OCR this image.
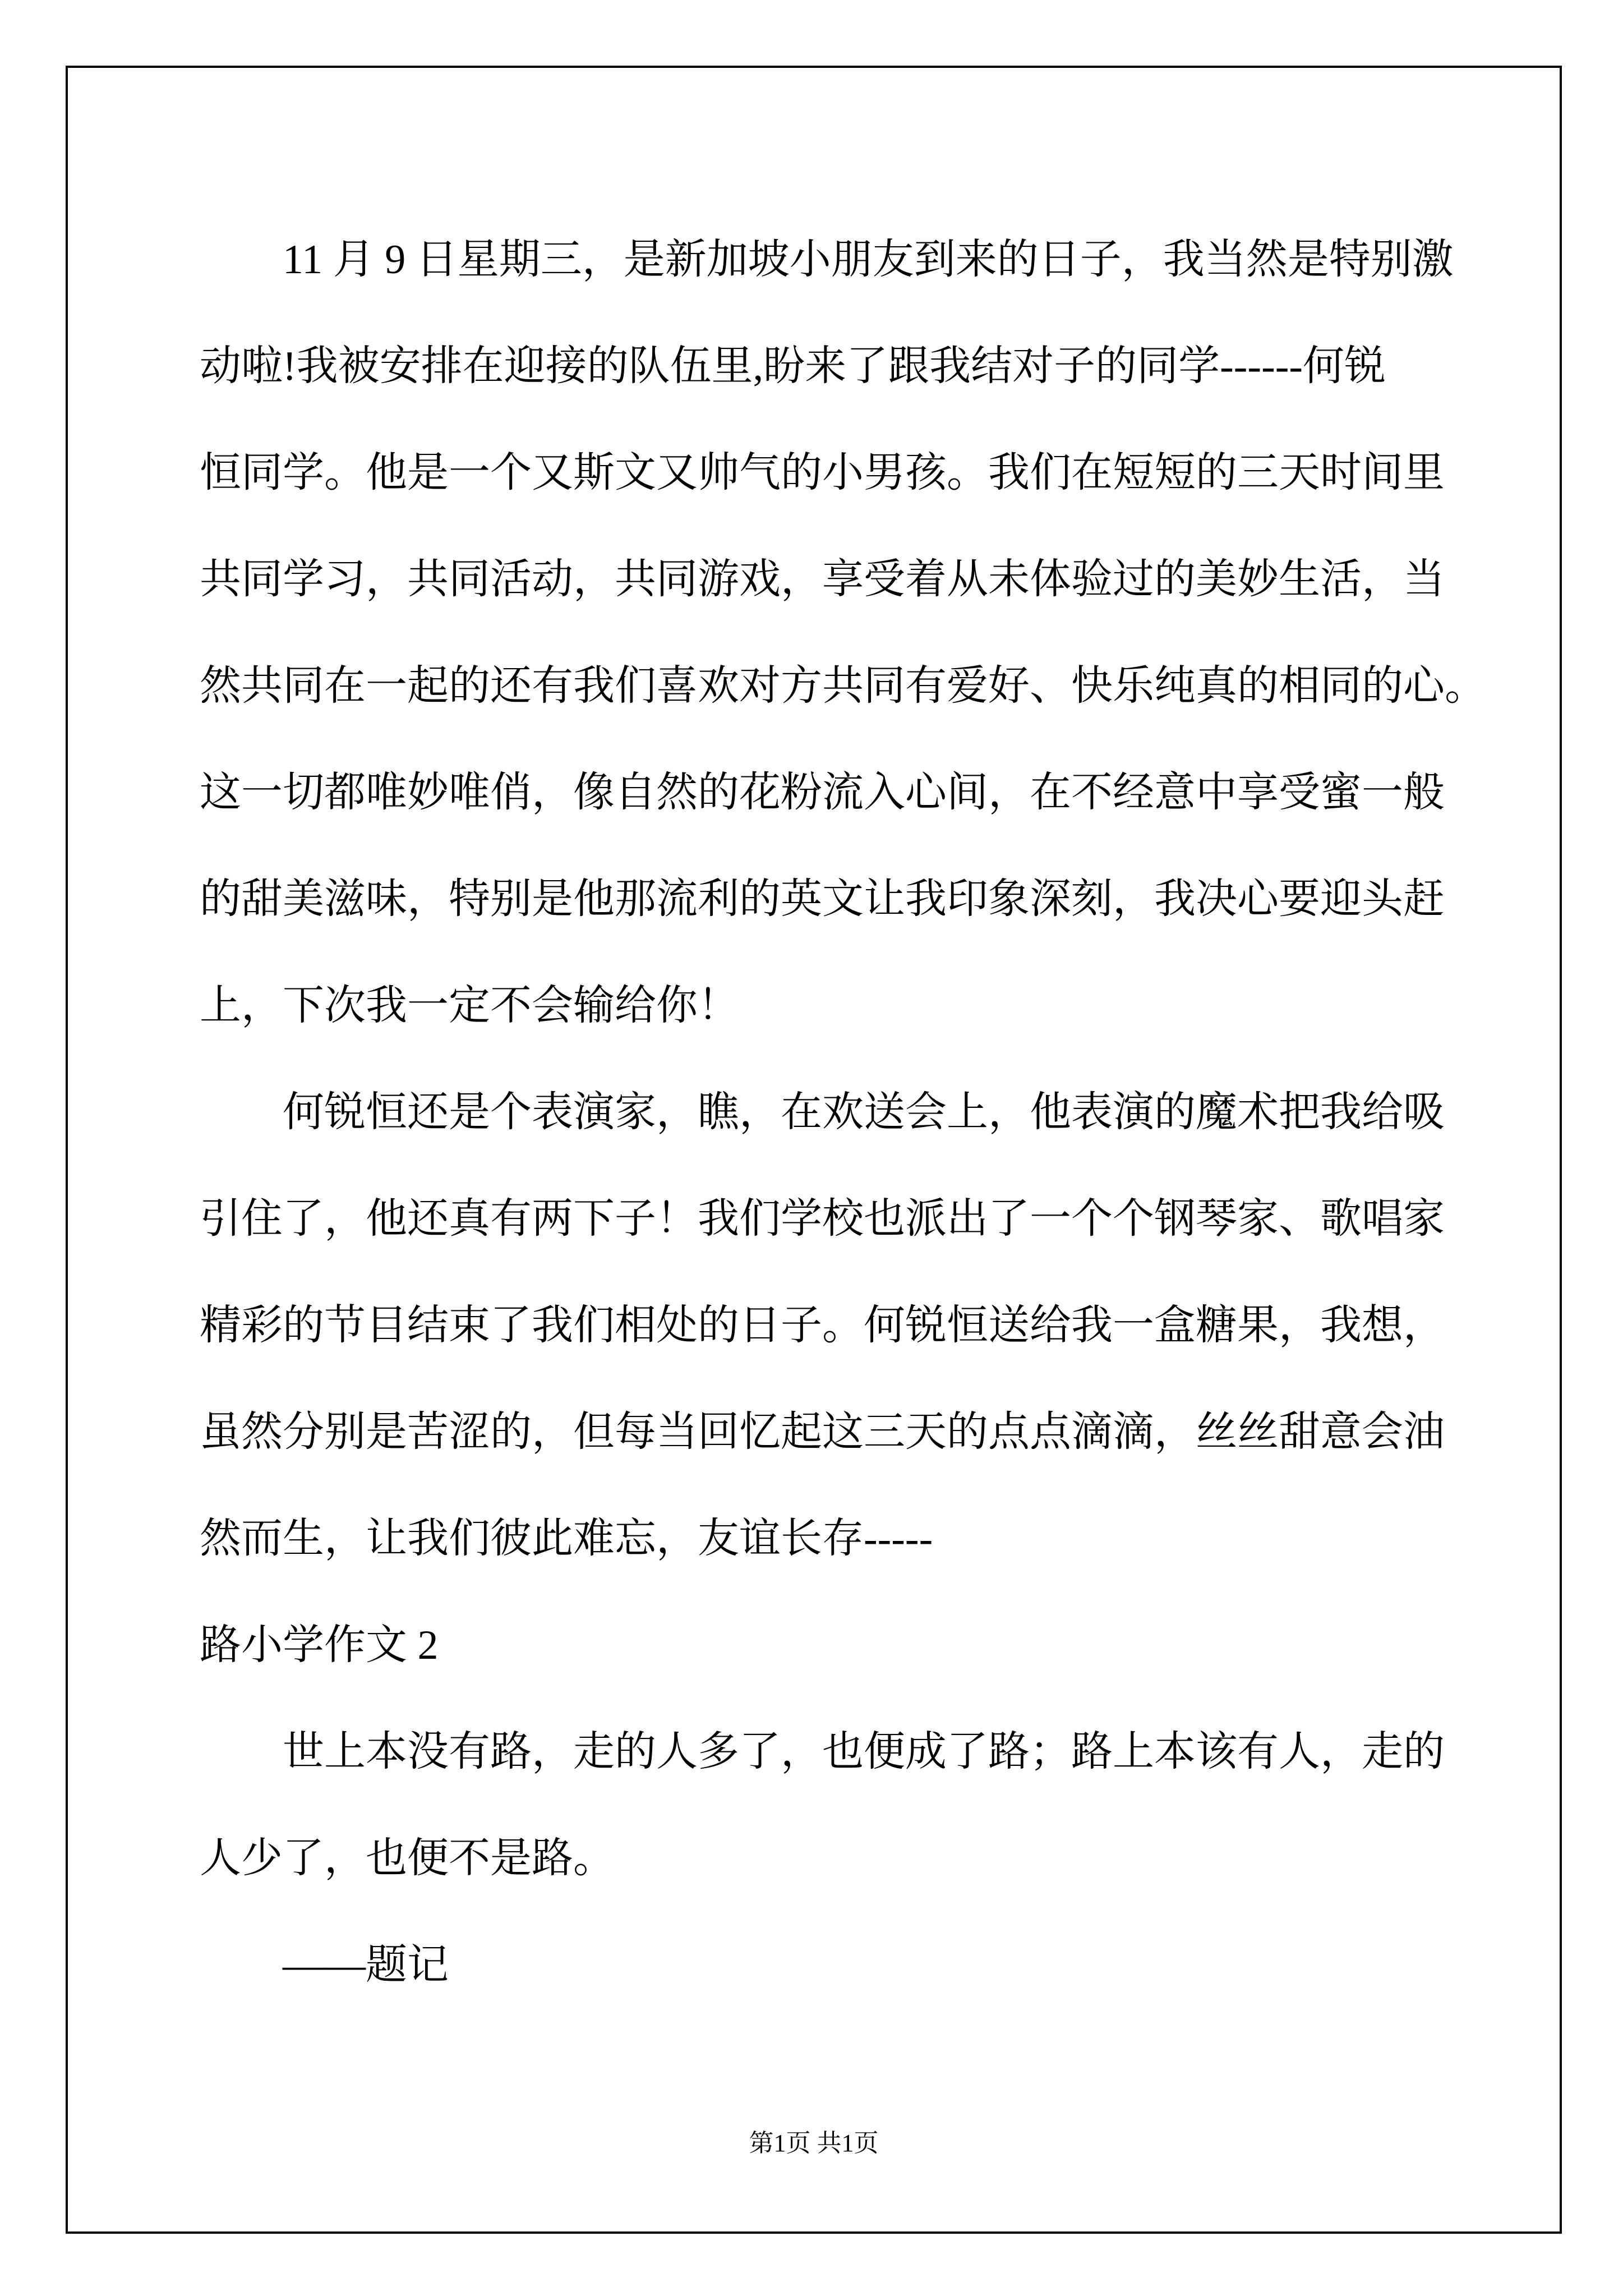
11 月 9 日星期三，是新加坡小朋友到来的日子，我当然是特别激
动啦!我被安排在迎接的队伍里,盼来了跟我结对子的同学------何锐
恒同学。他是一个又斯文又帅气的小男孩。我们在短短的三天时间里
共同学习，共同活动，共同游戏，享受着从未体验过的美妙生活，当
然共同在一起的还有我们喜欢对方共同有爱好、快乐纯真的相同的心。
这一切都唯妙唯俏，像自然的花粉流入心间，在不经意中享受蜜一般
的甜美滋味，特别是他那流利的英文让我印象深刻，我决心要迎头赶
上，下次我一定不会输给你！
何锐恒还是个表演家，瞧，在欢送会上，他表演的魔术把我给吸
引住了，他还真有两下子！我们学校也派出了一个个钢琴家、歌唱家
精彩的节目结束了我们相处的日子。何锐恒送给我一盒糖果，我想，
虽然分别是苦涩的，但每当回忆起这三天的点点滴滴，丝丝甜意会油
然而生，让我们彼此难忘，友谊长存-----
路小学作文 2
世上本没有路，走的人多了，也便成了路；路上本该有人，走的
人少了，也便不是路。
——题记
第1页 共1页
